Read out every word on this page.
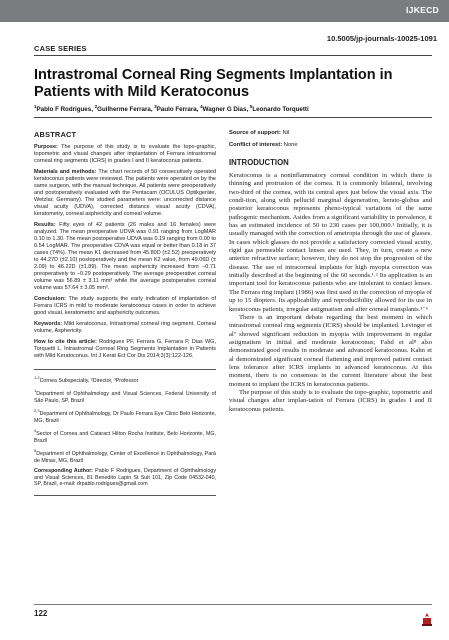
IJKECD
10.5005/jp-journals-10025-1091
CASE SERIES
Intrastromal Corneal Ring Segments Implantation in Patients with Mild Keratoconus
$^1$Pablo F Rodrigues, $^2$Guilherme Ferrara, $^3$Paulo Ferrara, $^4$Wagner G Dias, $^5$Leonardo Torquetti
ABSTRACT

Purpose: The purpose of this study is to evaluate the topo-graphic, topometric and visual changes after implantation of Ferrara intrastromal corneal ring segments (ICRS) in grades I and II keratoconus patients.

Materials and methods: The chart records of 50 consecutively operated keratoconus patients were reviewed. The patients were operated on by the same surgeon, with the manual technique. All patients were preoperatively and postoperatively evaluated with the Pentacam (OCULUS Optikgeräte, Wetzlar, Germany). The studied parameters were: uncorrected distance visual acuity (UDVA), corrected distance visual acuity (CDVA), keratometry, corneal asphericity and corneal volume.

Results: Fifty eyes of 42 patients (26 males and 16 females) were analyzed. The mean preoperative UDVA was 0.91 ranging from LogMAR 0.10 to 1.30. The mean postoperative UDVA was 0.19 ranging from 0.00 to 0.54 LogMAR. The preoperative CDVA was equal or better than 0.18 in 37 cases (74%). The mean K1 decreased from 45.80D (±2.52) preoperatively to 44.27D (±2.10) postoperatively and the mean K2 value, from 49.06D (± 2.09) to 46.22D (±1.89). The mean asphericity increased from −0.71 preoperatively to −0.29 postoperatively. The average preoperative corneal volume was 56.89 ± 3.11 mm³ while the average postoperative corneal volume was 57.64 ± 3.05 mm³.

Conclusion: The study supports the early indication of implantation of Ferrara ICRS in mild to moderate keratoconus cases in order to achieve good visual, keratometric and asphericity outcomes.

Keywords: Mild keratoconus, Intrastromal corneal ring segment, Corneal volume, Asphericity.

How to cite this article: Rodrigues PF, Ferrara G, Ferrara P, Dias WG, Torquetti L. Intrastromal Corneal Ring Segments Implantation in Patients with Mild Keratoconus. Int J Kerat Ect Cor Dis 2014;3(3):122-126.

$^{1,2}$Cornea Subspecialty, ²Director, ³Professor

$^1$Department of Ophthalmology and Visual Sciences, Federal University of São Paulo, SP, Brazil

$^{2,3}$Department of Ophthalmology, Dr Paulo Ferrara Eye Clinic Belo Horizonte, MG, Brazil

$^4$Sector of Cornea and Cataract Hilton Rocha Institute, Belo Horizonte, MG, Brazil

$^5$Department of Ophthalmology, Center of Excellence in Ophthalmology, Pará de Minas, MG, Brazil

Corresponding Author: Pablo F Rodrigues, Department of Ophthalmology and Visual Sciences, 81 Benedito Lapin St Suit 101, Zip Code 04532-040, SP, Brazil, e-mail: drpablo.rodrigues@gmail.com

Source of support: Nil

Conflict of interest: None

INTRODUCTION

Keratoconus is a noninflammatory corneal condition in which there is thinning and protrusion of the cornea. It is commonly bilateral, involving two-third of the cornea, with its central apex just below the visual axis. The condi-tion, along with pellucid marginal degeneration, kerato-globus and posterior keratoconus represents pheno-typical variations of the same pathogenic mechanism. Asides from a significant variability in prevalence, it has an estimated incidence of 50 to 230 cases per 100,000.¹ Initially, it is usually managed with the correction of ametropia through the use of glasses. In cases which glasses do not provide a satisfactory corrected visual acuity, rigid gas permeable contact lenses are used. They, in turn, create a new anterior refractive surface; however, they do not stop the progression of the disease. The use of intracorneal implants for high myopia correction was initially described at the beginning of the 60 seconds.¹˒² Its application is an important tool for keratoconus patients who are intolerant to contact lenses. The Ferrara ring implant (1986) was first used in the correction of myopia of up to 15 diopters. Its applicability and reproducibility allowed for its use in keratoconus patients, irregular astigmatism and after corneal transplants.³⁻⁶

There is an important debate regarding the best moment in which intrastromal corneal ring segments (ICRS) should be implanted. Levinger et al⁷ showed significant reduction in myopia with improvement in regular astigmatism in initial and moderate keratoconus; Fahd et al⁸ also demonstrated good results in moderate and advanced keratoconus. Kahn et al demonstrated significant corneal flattening and improved patient contact lens tolerance after ICRS implants in advanced keratoconus. At this moment, there is no consensus in the current literature about the best moment to implant the ICRS in keratoconus patients.

The purpose of this study is to evaluate the topo-graphic, topometric and visual changes after implan-tation of Ferrara (ICRS) in grades I and II keratoconus patients.

122
